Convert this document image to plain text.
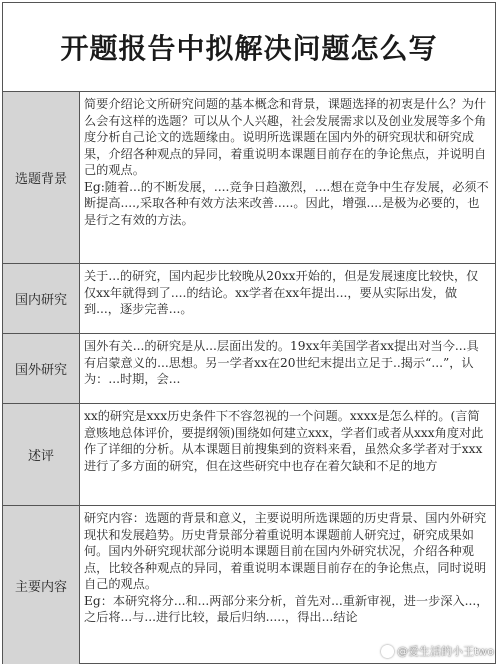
开题报告中拟解决问题怎么写
选题背景

简要介绍论文所研究问题的基本概念和背景，课题选择的初衷是什么？为什么会有这样的选题？可以从个人兴趣，社会发展需求以及创业发展等多个角度分析自己论文的选题缘由。说明所选课题在国内外的研究现状和研究成果，介绍各种观点的异同，着重说明本课题目前存在的争论焦点，并说明自己的观点。

Eg:随着...的不断发展，....竞争日趋激烈，....想在竞争中生存发展，必须不断提高....,采取各种有效方法来改善.....。因此，增强....是极为必要的，也是行之有效的方法。

国内研究

关于...的研究，国内起步比较晚从20xx开始的，但是发展速度比较快，仅仅xx年就得到了....的结论。xx学者在xx年提出...，要从实际出发，做到...，逐步完善...。

国外研究

国外有关...的研究是从...层面出发的。19xx年美国学者xx提出对当今...具有启蒙意义的...思想。另一学者xx在20世纪末提出立足于..揭示“...”，认为：...时期，会...

述评

xx的研究是xxx历史条件下不容忽视的一个问题。xxxx是怎么样的。(言简意赅地总体评价，要提纲领)围绕如何建立xxx，学者们或者从xxx角度对此作了详细的分析。从本课题目前搜集到的资料来看，虽然众多学者对于xxx进行了多方面的研究，但在这些研究中也存在着欠缺和不足的地方

主要内容

研究内容：选题的背景和意义，主要说明所选课题的历史背景、国内外研究现状和发展趋势。历史背景部分着重说明本课题前人研究过，研究成果如何。国内外研究现状部分说明本课题目前在国内外研究状况，介绍各种观点，比较各种观点的异同，着重说明本课题目前存在的争论焦点，同时说明自己的观点。

Eg：本研究将分...和...两部分来分析，首先对...重新审视，进一步深入...，之后将...与...进行比较，最后归纳.....，得出...结论

@爱生活的小王two
